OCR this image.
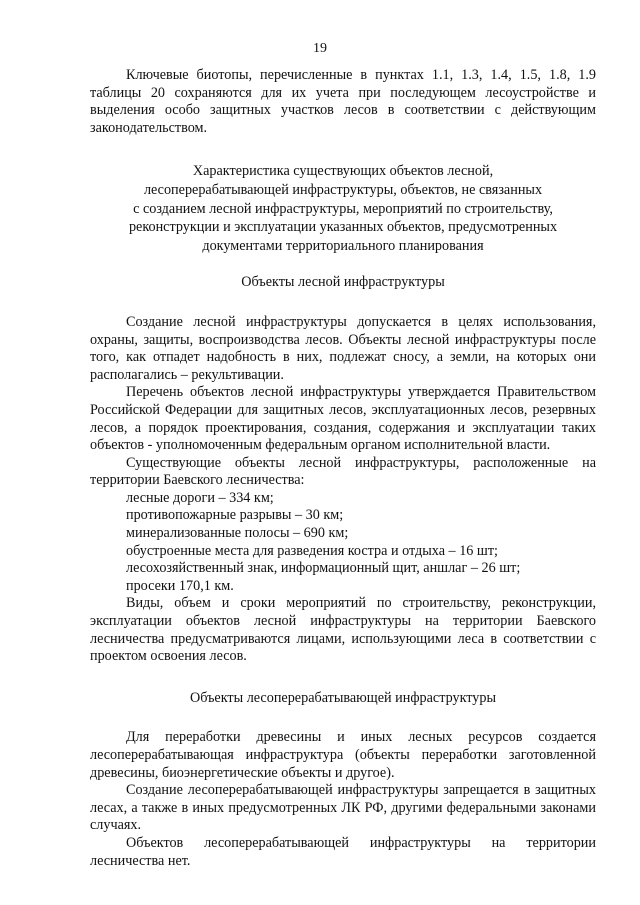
19

Ключевые биотопы, перечисленные в пунктах 1.1, 1.3, 1.4, 1.5, 1.8, 1.9 таблицы 20 сохраняются для их учета при последующем лесоустройстве и выделения особо защитных участков лесов в соответствии с действующим законодательством.

Характеристика существующих объектов лесной,

лесоперерабатывающей инфраструктуры, объектов, не связанных

с созданием лесной инфраструктуры, мероприятий по строительству,

реконструкции и эксплуатации указанных объектов, предусмотренных

документами территориального планирования

Объекты лесной инфраструктуры

Создание лесной инфраструктуры допускается в целях использования, охраны, защиты, воспроизводства лесов. Объекты лесной инфраструктуры после того, как отпадет надобность в них, подлежат сносу, а земли, на которых они располагались – рекультивации.

Перечень объектов лесной инфраструктуры утверждается Правительством Российской Федерации для защитных лесов, эксплуатационных лесов, резервных лесов, а порядок проектирования, создания, содержания и эксплуатации таких объектов - уполномоченным федеральным органом исполнительной власти.

Существующие объекты лесной инфраструктуры, расположенные на территории Баевского лесничества:

лесные дороги – 334 км;

противопожарные разрывы – 30 км;

минерализованные полосы – 690 км;

обустроенные места для разведения костра и отдыха – 16 шт;

лесохозяйственный знак, информационный щит, аншлаг – 26 шт;

просеки 170,1 км.

Виды, объем и сроки мероприятий по строительству, реконструкции, эксплуатации объектов лесной инфраструктуры на территории Баевского лесничества предусматриваются лицами, использующими леса в соответствии с проектом освоения лесов.

Объекты лесоперерабатывающей инфраструктуры

Для переработки древесины и иных лесных ресурсов создается лесоперерабатывающая инфраструктура (объекты переработки заготовленной древесины, биоэнергетические объекты и другое).

Создание лесоперерабатывающей инфраструктуры запрещается в защитных лесах, а также в иных предусмотренных ЛК РФ, другими федеральными законами случаях.

Объектов лесоперерабатывающей инфраструктуры на территории лесничества нет.
